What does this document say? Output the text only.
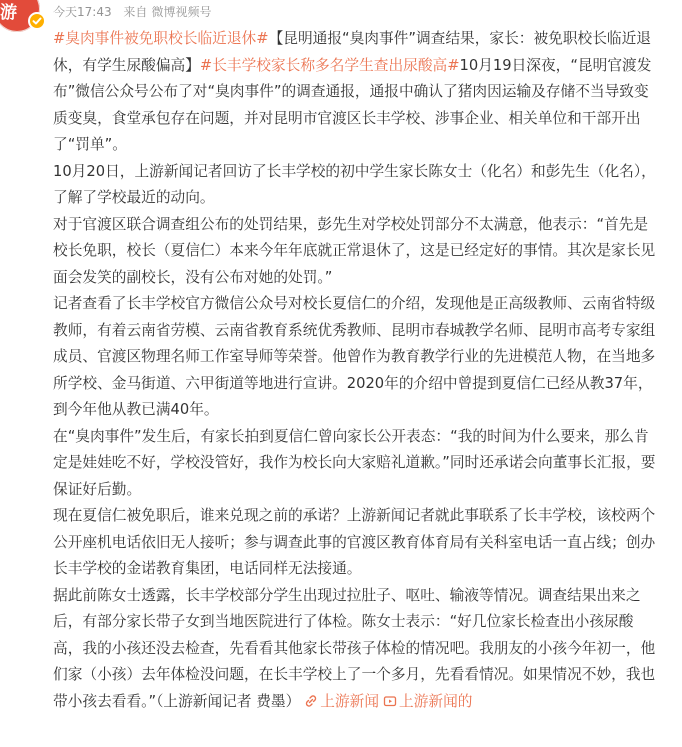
游	今天17:43 来自 微博视频号

#臭肉事件被免职校长临近退休#【昆明通报“臭肉事件”调查结果，家长：被免职校长临近退休，有学生尿酸偏高】#长丰学校家长称多名学生查出尿酸高#10月19日深夜，“昆明官渡发布”微信公众号公布了对“臭肉事件”的调查通报，通报中确认了猪肉因运输及存储不当导致变质变臭，食堂承包存在问题，并对昆明市官渡区长丰学校、涉事企业、相关单位和干部开出了“罚单”。

10月20日，上游新闻记者回访了长丰学校的初中学生家长陈女士（化名）和彭先生（化名），了解了学校最近的动向。

对于官渡区联合调查组公布的处罚结果，彭先生对学校处罚部分不太满意，他表示：“首先是校长免职，校长（夏信仁）本来今年年底就正常退休了，这是已经定好的事情。其次是家长见面会发笑的副校长，没有公布对她的处罚。”

记者查看了长丰学校官方微信公众号对校长夏信仁的介绍，发现他是正高级教师、云南省特级教师，有着云南省劳模、云南省教育系统优秀教师、昆明市春城教学名师、昆明市高考专家组成员、官渡区物理名师工作室导师等荣誉。他曾作为教育教学行业的先进模范人物，在当地多所学校、金马街道、六甲街道等地进行宣讲。2020年的介绍中曾提到夏信仁已经从教37年，到今年他从教已满40年。

在“臭肉事件”发生后，有家长拍到夏信仁曾向家长公开表态：“我的时间为什么要来，那么肯定是娃娃吃不好，学校没管好，我作为校长向大家赔礼道歉。”同时还承诺会向董事长汇报，要保证好后勤。

现在夏信仁被免职后，谁来兑现之前的承诺？上游新闻记者就此事联系了长丰学校，该校两个公开座机电话依旧无人接听；参与调查此事的官渡区教育体育局有关科室电话一直占线；创办长丰学校的金诺教育集团，电话同样无法接通。

据此前陈女士透露，长丰学校部分学生出现过拉肚子、呕吐、输液等情况。调查结果出来之后，有部分家长带子女到当地医院进行了体检。陈女士表示：“好几位家长检查出小孩尿酸高，我的小孩还没去检查，先看看其他家长带孩子体检的情况吧。我朋友的小孩今年初一，他们家（小孩）去年体检没问题，在长丰学校上了一个多月，先看看情况。如果情况不妙，我也带小孩去看看。”（上游新闻记者 费墨） 上游新闻 上游新闻的
